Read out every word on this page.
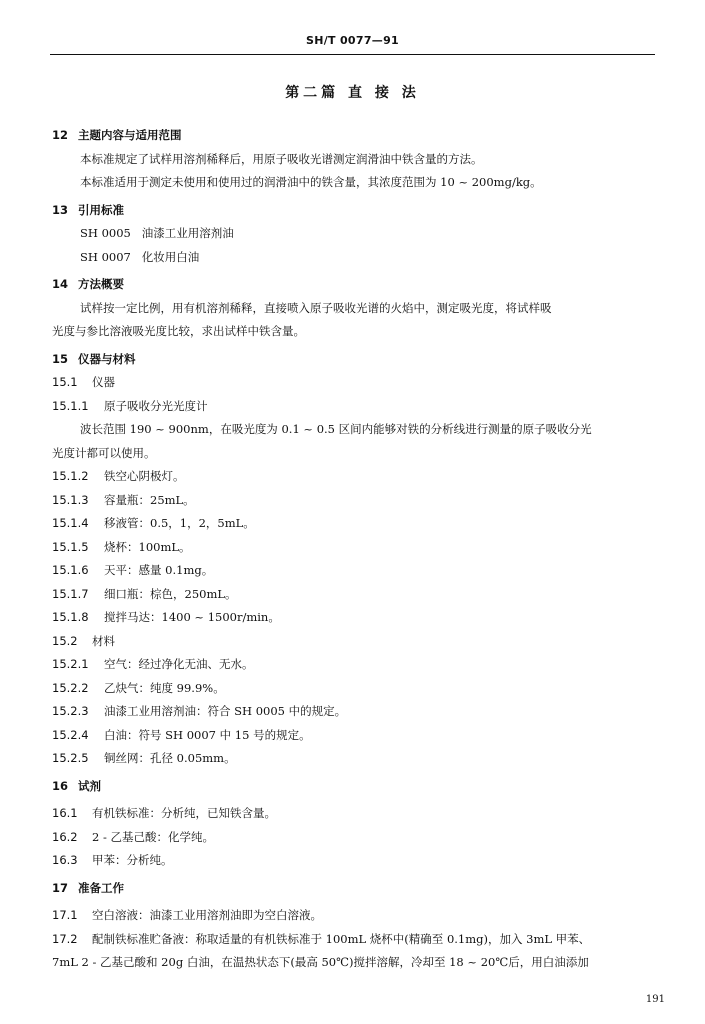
SH/T 0077—91
第二篇 直 接 法
12 主题内容与适用范围
本标准规定了试样用溶剂稀释后，用原子吸收光谱测定润滑油中铁含量的方法。
本标准适用于测定未使用和使用过的润滑油中的铁含量，其浓度范围为 10 ~ 200mg/kg。
13 引用标准
SH 0005   油漆工业用溶剂油
SH 0007   化妆用白油
14 方法概要
试样按一定比例，用有机溶剂稀释，直接喷入原子吸收光谱的火焰中，测定吸光度，将试样吸
光度与参比溶液吸光度比较，求出试样中铁含量。
15 仪器与材料
15.1 仪器
15.1.1 原子吸收分光光度计
波长范围 190 ~ 900nm，在吸光度为 0.1 ~ 0.5 区间内能够对铁的分析线进行测量的原子吸收分光
光度计都可以使用。
15.1.2 铁空心阴极灯。
15.1.3 容量瓶：25mL。
15.1.4 移液管：0.5，1，2，5mL。
15.1.5 烧杯：100mL。
15.1.6 天平：感量 0.1mg。
15.1.7 细口瓶：棕色，250mL。
15.1.8 搅拌马达：1400 ~ 1500r/min。
15.2 材料
15.2.1 空气：经过净化无油、无水。
15.2.2 乙炔气：纯度 99.9%。
15.2.3 油漆工业用溶剂油：符合 SH 0005 中的规定。
15.2.4 白油：符号 SH 0007 中 15 号的规定。
15.2.5 铜丝网：孔径 0.05mm。
16 试剂
16.1 有机铁标准：分析纯，已知铁含量。
16.2 2 - 乙基己酸：化学纯。
16.3 甲苯：分析纯。
17 准备工作
17.1 空白溶液：油漆工业用溶剂油即为空白溶液。
17.2 配制铁标准贮备液：称取适量的有机铁标准于 100mL 烧杯中(精确至 0.1mg)，加入 3mL 甲苯、
7mL 2 - 乙基己酸和 20g 白油，在温热状态下(最高 50℃)搅拌溶解，冷却至 18 ~ 20℃后，用白油添加
191
